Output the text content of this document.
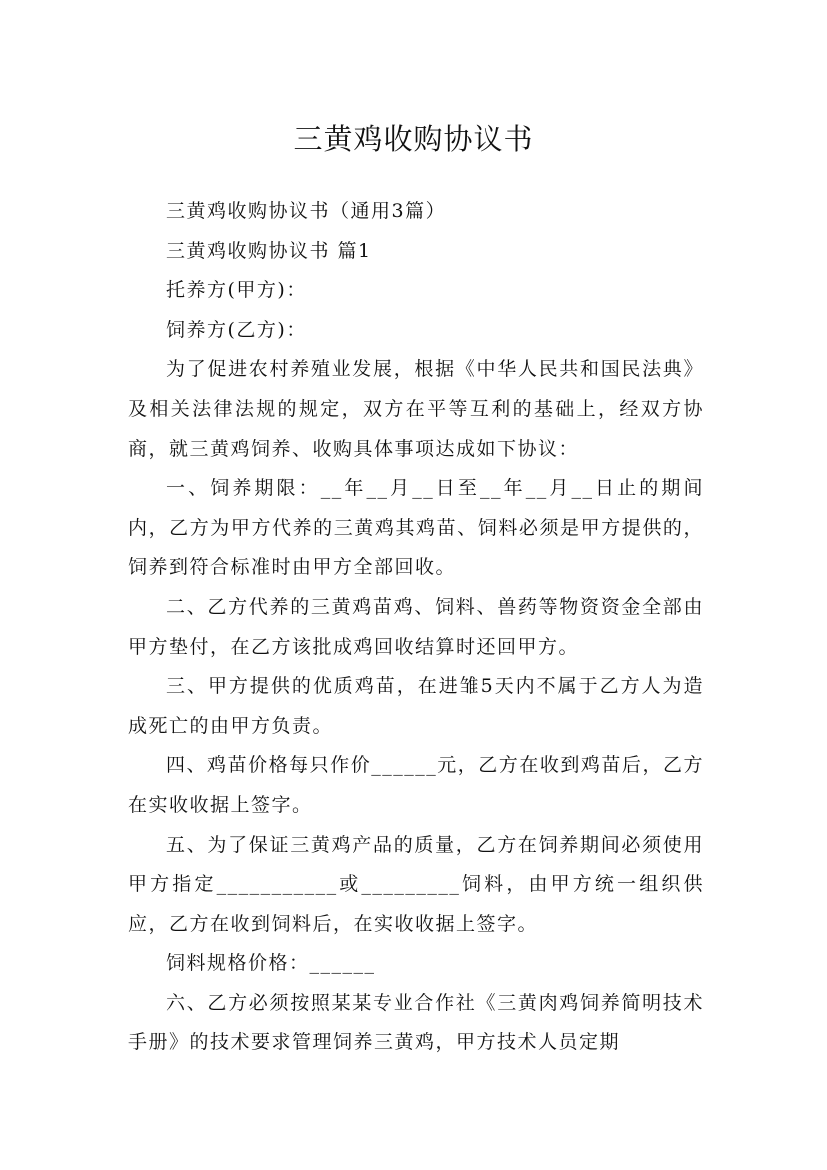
三黄鸡收购协议书

三黄鸡收购协议书（通用3篇）

三黄鸡收购协议书 篇1

托养方(甲方)：

饲养方(乙方)：

为了促进农村养殖业发展，根据《中华人民共和国民法典》及相关法律法规的规定，双方在平等互利的基础上，经双方协商，就三黄鸡饲养、收购具体事项达成如下协议：

一、饲养期限：__年__月__日至__年__月__日止的期间内，乙方为甲方代养的三黄鸡其鸡苗、饲料必须是甲方提供的，饲养到符合标准时由甲方全部回收。

二、乙方代养的三黄鸡苗鸡、饲料、兽药等物资资金全部由甲方垫付，在乙方该批成鸡回收结算时还回甲方。

三、甲方提供的优质鸡苗，在进雏5天内不属于乙方人为造成死亡的由甲方负责。

四、鸡苗价格每只作价______元，乙方在收到鸡苗后，乙方在实收收据上签字。

五、为了保证三黄鸡产品的质量，乙方在饲养期间必须使用甲方指定___________或_________饲料，由甲方统一组织供应，乙方在收到饲料后，在实收收据上签字。

饲料规格价格：______

六、乙方必须按照某某专业合作社《三黄肉鸡饲养简明技术手册》的技术要求管理饲养三黄鸡，甲方技术人员定期
